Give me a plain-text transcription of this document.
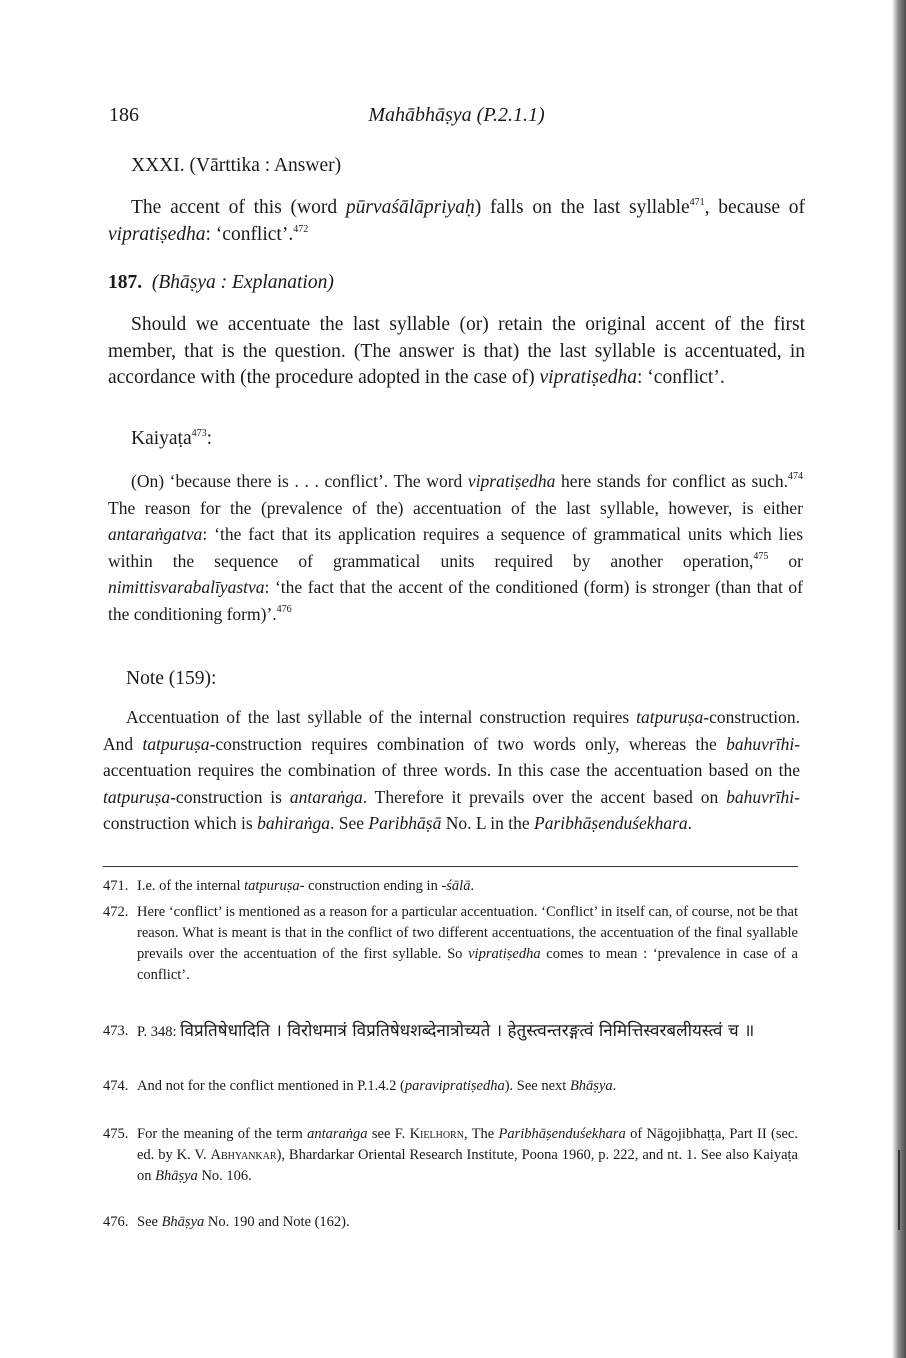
186	Mahābhāṣya (P.2.1.1)

XXXI. (Vārttika : Answer)

The accent of this (word pūrvaśālāpriyaḥ) falls on the last syllable$^{471}$, because of vipratiṣedha: ‘conflict’.$^{472}$

187. (Bhāṣya : Explanation)

Should we accentuate the last syllable (or) retain the original accent of the first member, that is the question. (The answer is that) the last syllable is accentuated, in accordance with (the procedure adopted in the case of) vipratiṣedha: ‘conflict’.

Kaiyaṭa$^{473}$:

(On) ‘because there is . . . conflict’. The word vipratiṣedha here stands for conflict as such.$^{474}$ The reason for the (prevalence of the) accentuation of the last syllable, however, is either antaraṅgatva: ‘the fact that its application requires a sequence of grammatical units which lies within the sequence of grammatical units required by another operation,$^{475}$ or nimittisvarabalīyastva: ‘the fact that the accent of the conditioned (form) is stronger (than that of the conditioning form)’.$^{476}$

Note (159):

Accentuation of the last syllable of the internal construction requires tatpuruṣa-construction. And tatpuruṣa-construction requires combination of two words only, whereas the bahuvrīhi-accentuation requires the combination of three words. In this case the accentuation based on the tatpuruṣa-construction is antaraṅga. Therefore it prevails over the accent based on bahuvrīhi- construction which is bahiraṅga. See Paribhāṣā No. L in the Paribhāṣenduśekhara.

471. I.e. of the internal tatpuruṣa- construction ending in -śālā.
472. Here ‘conflict’ is mentioned as a reason for a particular accentuation. ‘Conflict’ in itself can, of course, not be that reason. What is meant is that in the conflict of two different accentuations, the accentuation of the final syallable prevails over the accentuation of the first syllable. So vipratiṣedha comes to mean : ‘prevalence in case of a conflict’.
473. P. 348: विप्रतिषेधादिति । विरोधमात्रं विप्रतिषेधशब्देनात्रोच्यते । हेतुस्त्वन्तरङ्गत्वं निमित्तिस्वरबलीयस्त्वं च ॥
474. And not for the conflict mentioned in P.1.4.2 (paravipratiṣedha). See next Bhāṣya.
475. For the meaning of the term antaraṅga see F. Kielhorn, The Paribhāṣenduśekhara of Nāgojibhaṭṭa, Part II (sec. ed. by K. V. Abhyankar), Bhardarkar Oriental Research Institute, Poona 1960, p. 222, and nt. 1. See also Kaiyaṭa on Bhāṣya No. 106.
476. See Bhāṣya No. 190 and Note (162).
